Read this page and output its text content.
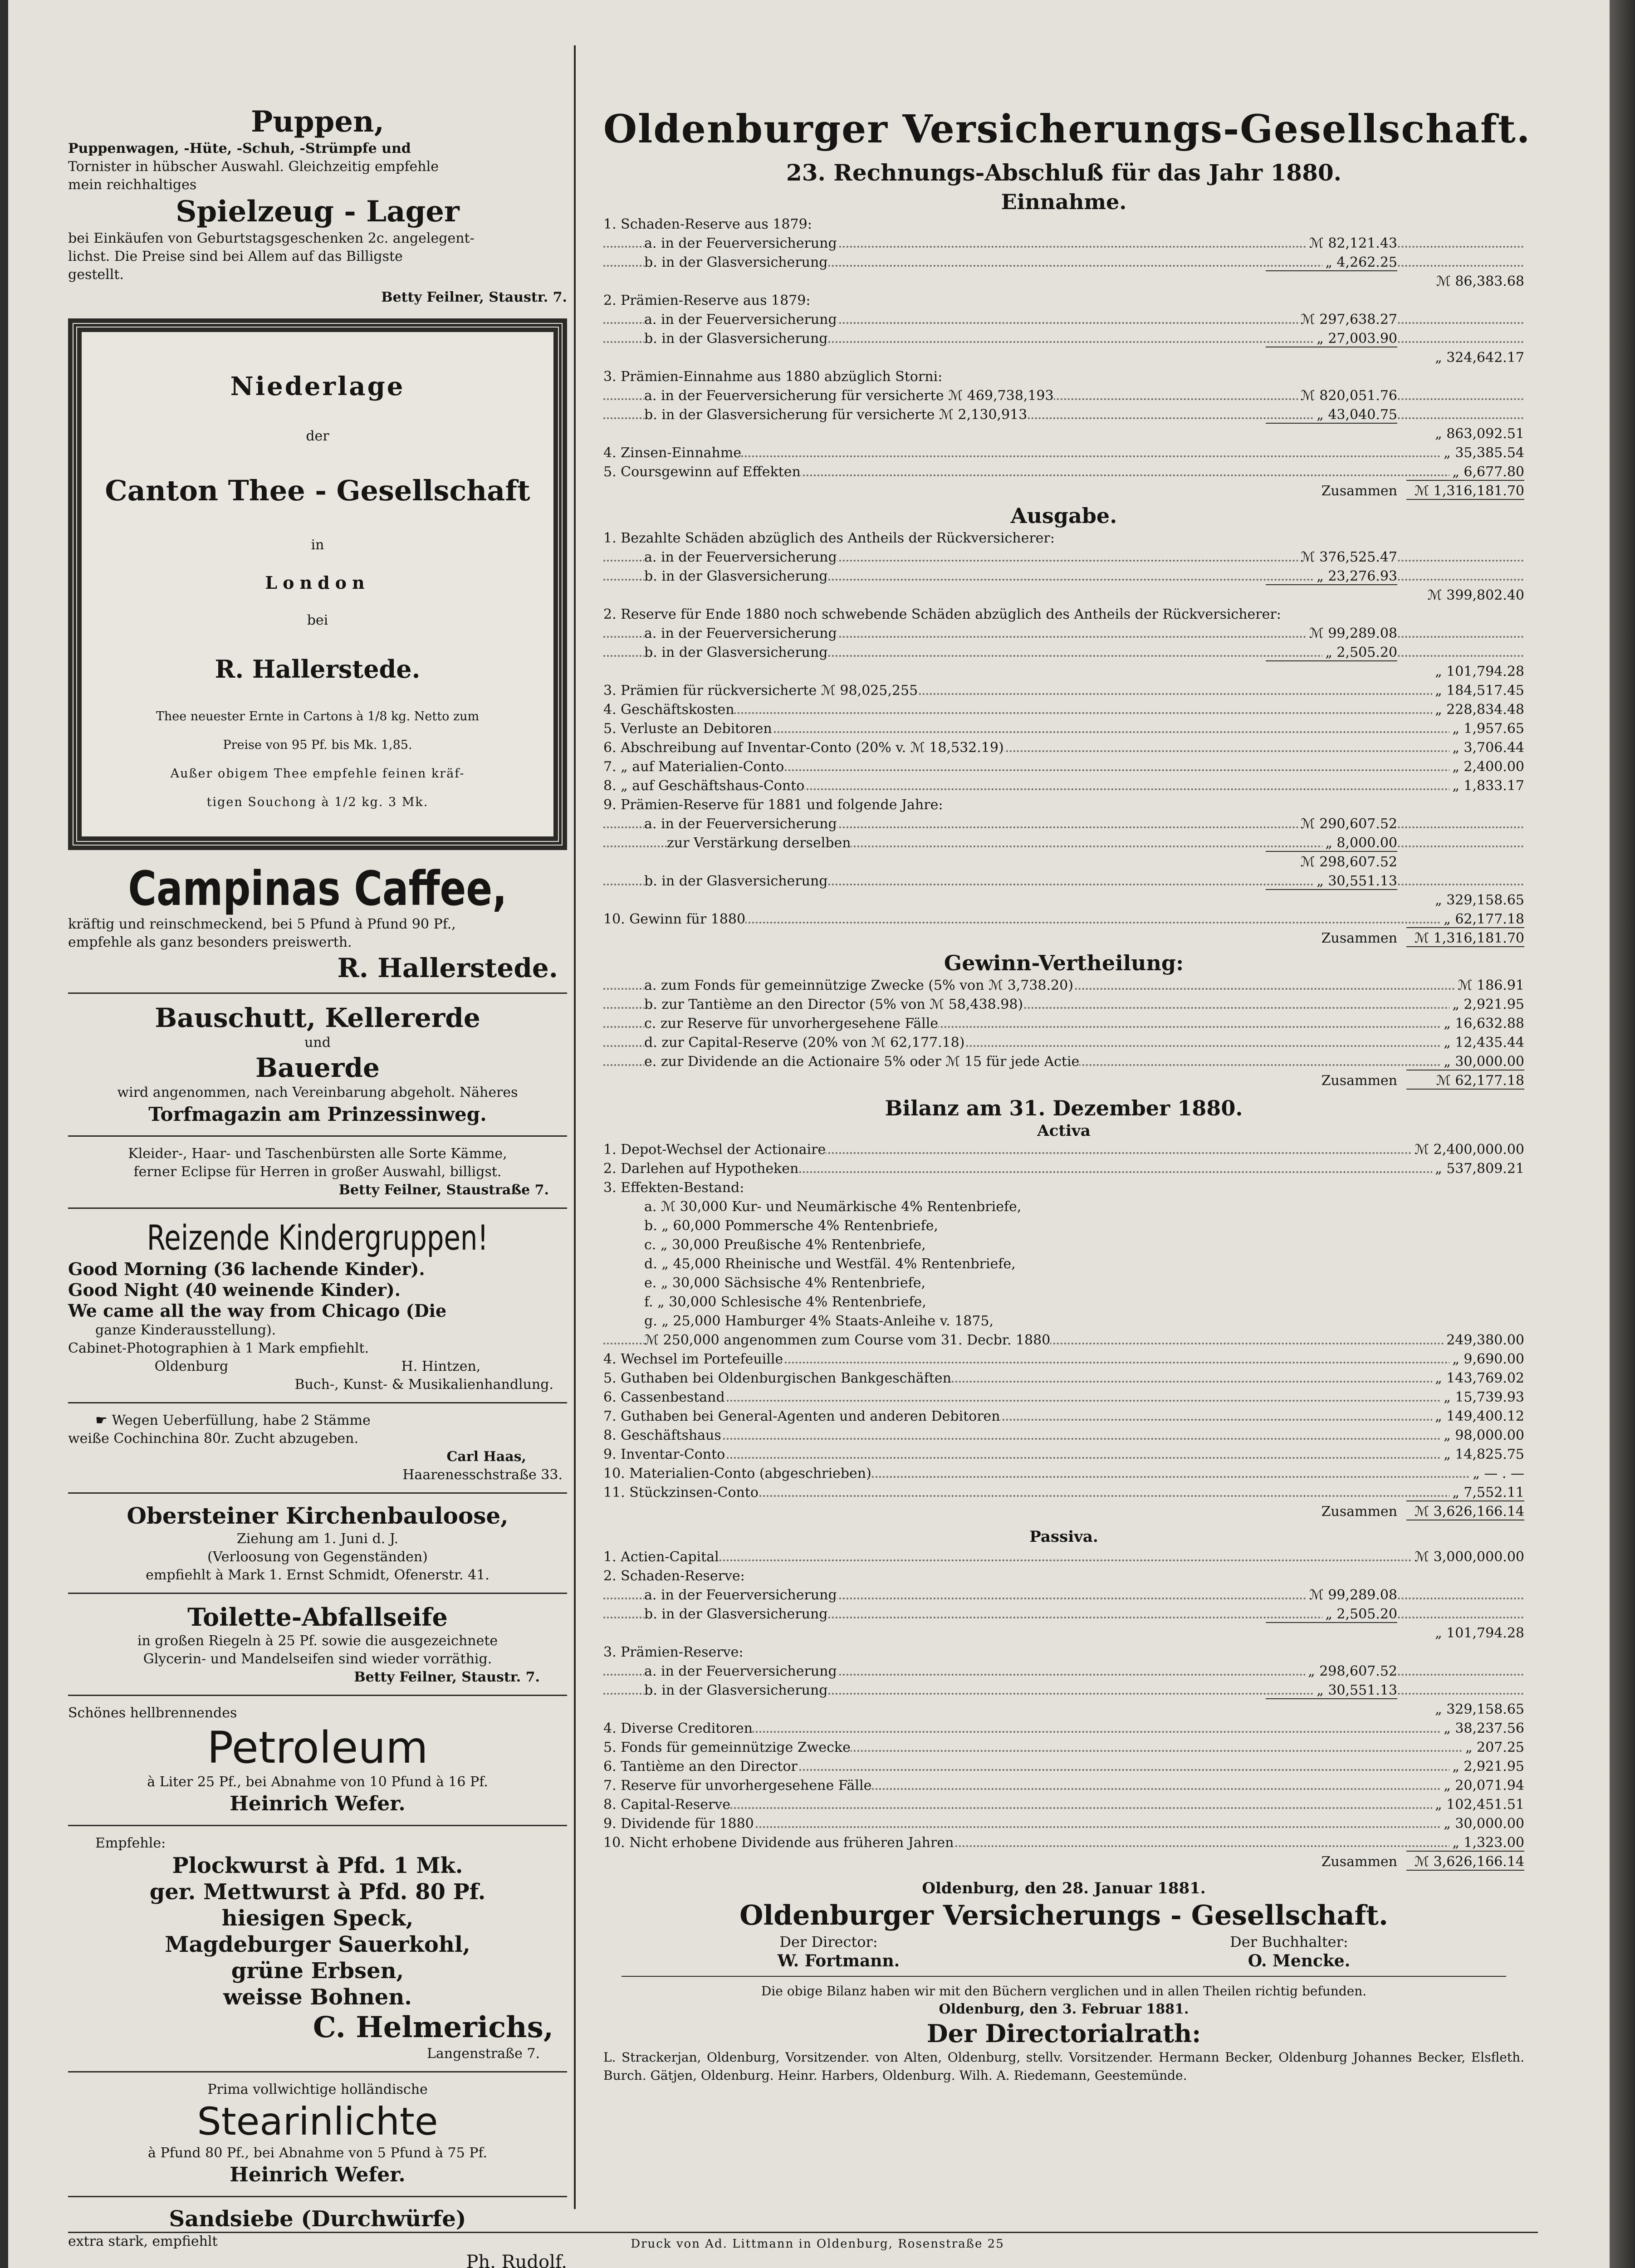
Druck von Ad. Littmann in Oldenburg, Rosenstraße 25

Puppen,

Puppenwagen, -Hüte, -Schuh, -Strümpfe und

Tornister in hübscher Auswahl. Gleichzeitig empfehle

mein reichhaltiges

Spielzeug - Lager

bei Einkäufen von Geburtstagsgeschenken 2c. angelegent-

lichst. Die Preise sind bei Allem auf das Billigste

gestellt.

Betty Feilner, Staustr. 7.

Niederlage

der

Canton Thee - Gesellschaft

in

London

bei

R. Hallerstede.

Thee neuester Ernte in Cartons à 1/8 kg. Netto zum

Preise von 95 Pf. bis Mk. 1,85.

Außer obigem Thee empfehle feinen kräf-

tigen Souchong à 1/2 kg. 3 Mk.

Campinas Caffee,

kräftig und reinschmeckend, bei 5 Pfund à Pfund 90 Pf.,

empfehle als ganz besonders preiswerth.

R. Hallerstede.

Bauschutt, Kellererde

und

Bauerde

wird angenommen, nach Vereinbarung abgeholt. Näheres

Torfmagazin am Prinzessinweg.

Kleider-, Haar- und Taschenbürsten alle Sorte Kämme,

ferner Eclipse für Herren in großer Auswahl, billigst.

Betty Feilner, Staustraße 7.

Reizende Kindergruppen!

Good Morning (36 lachende Kinder).

Good Night (40 weinende Kinder).

We came all the way from Chicago (Die

ganze Kinderausstellung).

Cabinet-Photographien à 1 Mark empfiehlt.

Oldenburg	H. Hintzen,

Buch-, Kunst- & Musikalienhandlung.

☛ Wegen Ueberfüllung, habe 2 Stämme

weiße Cochinchina 80r. Zucht abzugeben.

Carl Haas,

Haarenesschstraße 33.

Obersteiner Kirchenbauloose,

Ziehung am 1. Juni d. J.

(Verloosung von Gegenständen)

empfiehlt à Mark 1. Ernst Schmidt, Ofenerstr. 41.

Toilette-Abfallseife

in großen Riegeln à 25 Pf. sowie die ausgezeichnete

Glycerin- und Mandelseifen sind wieder vorräthig.

Betty Feilner, Staustr. 7.

Schönes hellbrennendes

Petroleum

à Liter 25 Pf., bei Abnahme von 10 Pfund à 16 Pf.

Heinrich Wefer.

Empfehle:

Plockwurst à Pfd. 1 Mk.

ger. Mettwurst à Pfd. 80 Pf.

hiesigen Speck,

Magdeburger Sauerkohl,

grüne Erbsen,

weisse Bohnen.

C. Helmerichs,

Langenstraße 7.

Prima vollwichtige holländische

Stearinlichte

à Pfund 80 Pf., bei Abnahme von 5 Pfund à 75 Pf.

Heinrich Wefer.

Sandsiebe (Durchwürfe)

extra stark, empfiehlt

Ph. Rudolf.

Oldenburger Versicherungs-Gesellschaft.
23. Rechnungs-Abschluß für das Jahr 1880.
Einnahme.
1. Schaden-Reserve aus 1879:
a. in der Feuerversicherung	ℳ 82,121.43
b. in der Glasversicherung	„ 4,262.25
ℳ 86,383.68
2. Prämien-Reserve aus 1879:
a. in der Feuerversicherung	ℳ 297,638.27
b. in der Glasversicherung	„ 27,003.90
„ 324,642.17
3. Prämien-Einnahme aus 1880 abzüglich Storni:
a. in der Feuerversicherung für versicherte ℳ 469,738,193	ℳ 820,051.76
b. in der Glasversicherung für versicherte ℳ 2,130,913	„ 43,040.75
„ 863,092.51
4. Zinsen-Einnahme	„ 35,385.54
5. Coursgewinn auf Effekten	„ 6,677.80
Zusammen ℳ 1,316,181.70
Ausgabe.
1. Bezahlte Schäden abzüglich des Antheils der Rückversicherer:
a. in der Feuerversicherung	ℳ 376,525.47
b. in der Glasversicherung	„ 23,276.93
ℳ 399,802.40
2. Reserve für Ende 1880 noch schwebende Schäden abzüglich des Antheils der Rückversicherer:
a. in der Feuerversicherung	ℳ 99,289.08
b. in der Glasversicherung	„ 2,505.20
„ 101,794.28
3. Prämien für rückversicherte ℳ 98,025,255	„ 184,517.45
4. Geschäftskosten	„ 228,834.48
5. Verluste an Debitoren	„ 1,957.65
6. Abschreibung auf Inventar-Conto (20% v. ℳ 18,532.19)	„ 3,706.44
7. „ auf Materialien-Conto	„ 2,400.00
8. „ auf Geschäftshaus-Conto	„ 1,833.17
9. Prämien-Reserve für 1881 und folgende Jahre:
a. in der Feuerversicherung	ℳ 290,607.52
zur Verstärkung derselben	„ 8,000.00
ℳ 298,607.52
b. in der Glasversicherung	„ 30,551.13
„ 329,158.65
10. Gewinn für 1880	„ 62,177.18
Zusammen ℳ 1,316,181.70
Gewinn-Vertheilung:
a. zum Fonds für gemeinnützige Zwecke (5% von ℳ 3,738.20)	ℳ 186.91
b. zur Tantième an den Director (5% von ℳ 58,438.98)	„ 2,921.95
c. zur Reserve für unvorhergesehene Fälle	„ 16,632.88
d. zur Capital-Reserve (20% von ℳ 62,177.18)	„ 12,435.44
e. zur Dividende an die Actionaire 5% oder ℳ 15 für jede Actie	„ 30,000.00
Zusammen	ℳ 62,177.18
Bilanz am 31. Dezember 1880.
Activa
1. Depot-Wechsel der Actionaire	ℳ 2,400,000.00
2. Darlehen auf Hypotheken	„ 537,809.21
3. Effekten-Bestand:
a. ℳ 30,000 Kur- und Neumärkische 4% Rentenbriefe,
b. „ 60,000 Pommersche 4% Rentenbriefe,
c. „ 30,000 Preußische 4% Rentenbriefe,
d. „ 45,000 Rheinische und Westfäl. 4% Rentenbriefe,
e. „ 30,000 Sächsische 4% Rentenbriefe,
f. „ 30,000 Schlesische 4% Rentenbriefe,
g. „ 25,000 Hamburger 4% Staats-Anleihe v. 1875,
ℳ 250,000 angenommen zum Course vom 31. Decbr. 1880	249,380.00
4. Wechsel im Portefeuille	„ 9,690.00
5. Guthaben bei Oldenburgischen Bankgeschäften	„ 143,769.02
6. Cassenbestand	„ 15,739.93
7. Guthaben bei General-Agenten und anderen Debitoren	„ 149,400.12
8. Geschäftshaus	„ 98,000.00
9. Inventar-Conto	„ 14,825.75
10. Materialien-Conto (abgeschrieben)	„ — . —
11. Stückzinsen-Conto	„ 7,552.11
Zusammen ℳ 3,626,166.14
Passiva.
1. Actien-Capital	ℳ 3,000,000.00
2. Schaden-Reserve:
a. in der Feuerversicherung	ℳ 99,289.08
b. in der Glasversicherung	„ 2,505.20
„ 101,794.28
3. Prämien-Reserve:
a. in der Feuerversicherung	„ 298,607.52
b. in der Glasversicherung	„ 30,551.13
„ 329,158.65
4. Diverse Creditoren	„ 38,237.56
5. Fonds für gemeinnützige Zwecke	„ 207.25
6. Tantième an den Director	„ 2,921.95
7. Reserve für unvorhergesehene Fälle	„ 20,071.94
8. Capital-Reserve	„ 102,451.51
9. Dividende für 1880	„ 30,000.00
10. Nicht erhobene Dividende aus früheren Jahren	„ 1,323.00
Zusammen ℳ 3,626,166.14
Oldenburg, den 28. Januar 1881.
Oldenburger Versicherungs - Gesellschaft.
Der Director:	Der Buchhalter:
W. Fortmann.	O. Mencke.
Die obige Bilanz haben wir mit den Büchern verglichen und in allen Theilen richtig befunden.
Oldenburg, den 3. Februar 1881.
Der Directorialrath:
L. Strackerjan, Oldenburg, Vorsitzender. von Alten, Oldenburg, stellv. Vorsitzender. Hermann Becker, Oldenburg Johannes Becker, Elsfleth. Burch. Gätjen, Oldenburg. Heinr. Harbers, Oldenburg. Wilh. A. Riedemann, Geestemünde.
